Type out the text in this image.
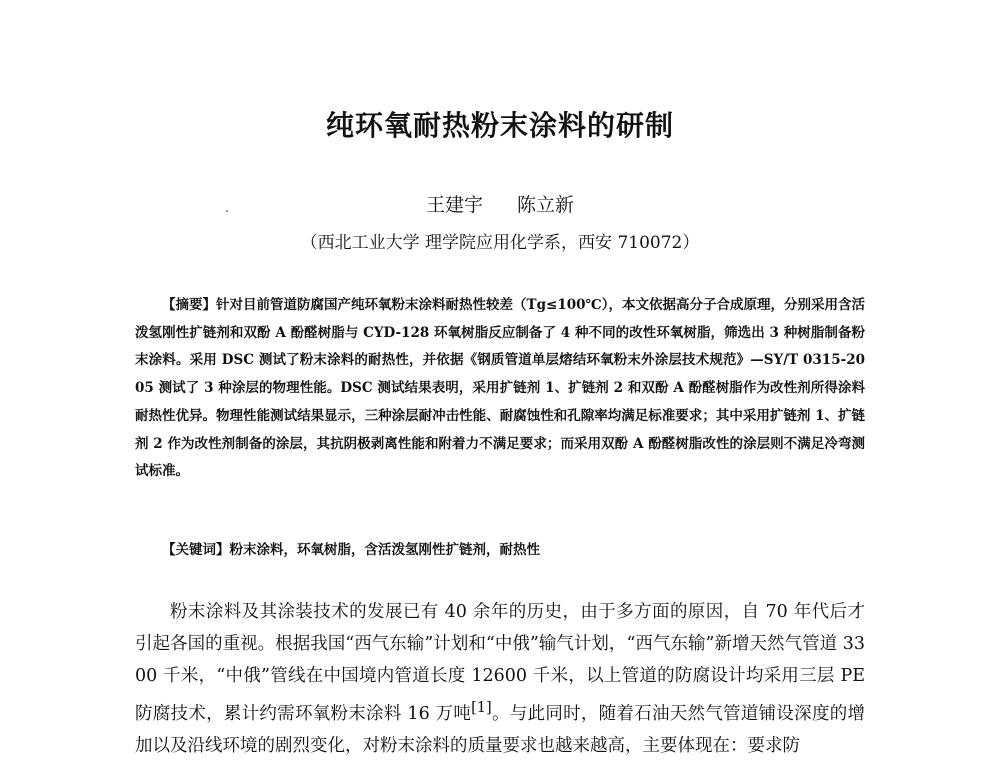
纯环氧耐热粉末涂料的研制
王建宇 陈立新
（西北工业大学 理学院应用化学系，西安 710072）
【摘要】针对目前管道防腐国产纯环氧粉末涂料耐热性较差（Tg≤100℃），本文依据高分子合成原理，分别采用含活泼氢刚性扩链剂和双酚 A 酚醛树脂与 CYD-128 环氧树脂反应制备了 4 种不同的改性环氧树脂，筛选出 3 种树脂制备粉末涂料。采用 DSC 测试了粉末涂料的耐热性，并依据《钢质管道单层熔结环氧粉末外涂层技术规范》—SY/T 0315-2005 测试了 3 种涂层的物理性能。DSC 测试结果表明，采用扩链剂 1、扩链剂 2 和双酚 A 酚醛树脂作为改性剂所得涂料耐热性优异。物理性能测试结果显示，三种涂层耐冲击性能、耐腐蚀性和孔隙率均满足标准要求；其中采用扩链剂 1、扩链剂 2 作为改性剂制备的涂层，其抗阴极剥离性能和附着力不满足要求；而采用双酚 A 酚醛树脂改性的涂层则不满足冷弯测试标准。
【关键词】粉末涂料，环氧树脂，含活泼氢刚性扩链剂，耐热性
粉末涂料及其涂装技术的发展已有 40 余年的历史，由于多方面的原因，自 70 年代后才引起各国的重视。根据我国“西气东输”计划和“中俄”输气计划，“西气东输”新增天然气管道 3300 千米，“中俄”管线在中国境内管道长度 12600 千米，以上管道的防腐设计均采用三层 PE 防腐技术，累计约需环氧粉末涂料 16 万吨[1]。与此同时，随着石油天然气管道铺设深度的增加以及沿线环境的剧烈变化，对粉末涂料的质量要求也越来越高，主要体现在：要求防
